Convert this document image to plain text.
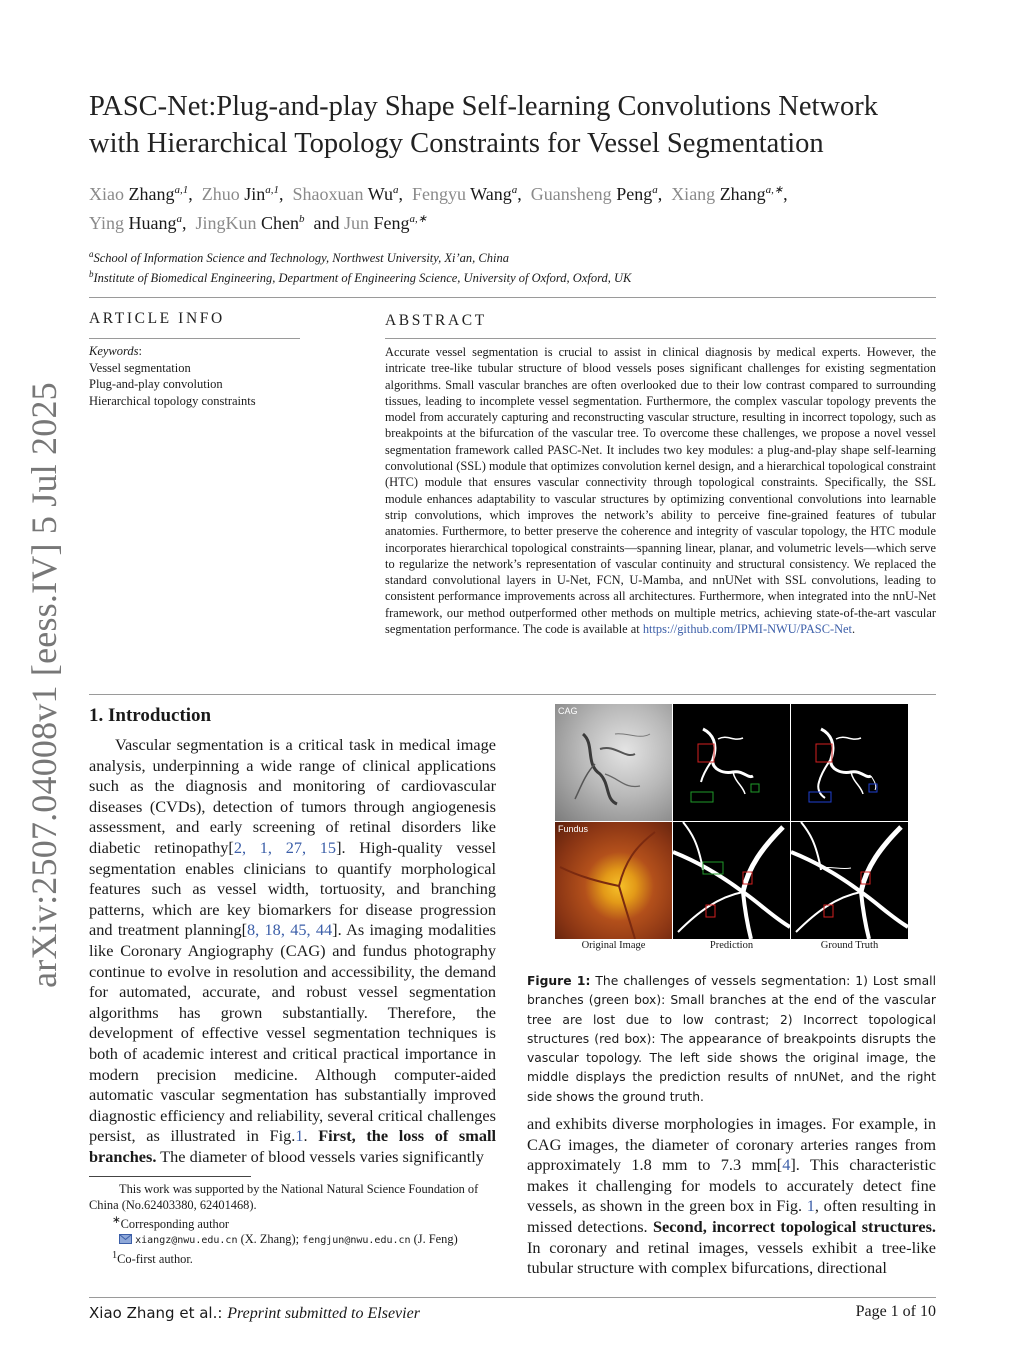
arXiv:2507.04008v1 [eess.IV] 5 Jul 2025
PASC-Net:Plug-and-play Shape Self-learning Convolutions Network
with Hierarchical Topology Constraints for Vessel Segmentation
Xiao Zhang$^{a,1}$,  Zhuo Jin$^{a,1}$,  Shaoxuan Wu$^a$,  Fengyu Wang$^a$,  Guansheng Peng$^a$,  Xiang Zhang$^{a,∗}$,
Ying Huang$^a$,  JingKun Chen$^b$ and Jun Feng$^{a,∗}$
$^a$School of Information Science and Technology, Northwest University, Xi’an, China
$^b$Institute of Biomedical Engineering, Department of Engineering Science, University of Oxford, Oxford, UK
ARTICLE INFO
Keywords:
Vessel segmentation
Plug-and-play convolution
Hierarchical topology constraints
ABSTRACT
Accurate vessel segmentation is crucial to assist in clinical diagnosis by medical experts. However, the intricate tree-like tubular structure of blood vessels poses significant challenges for existing segmentation algorithms. Small vascular branches are often overlooked due to their low contrast compared to surrounding tissues, leading to incomplete vessel segmentation. Furthermore, the complex vascular topology prevents the model from accurately capturing and reconstructing vascular structure, resulting in incorrect topology, such as breakpoints at the bifurcation of the vascular tree. To overcome these challenges, we propose a novel vessel segmentation framework called PASC-Net. It includes two key modules: a plug-and-play shape self-learning convolutional (SSL) module that optimizes convolution kernel design, and a hierarchical topological constraint (HTC) module that ensures vascular connectivity through topological constraints. Specifically, the SSL module enhances adaptability to vascular structures by optimizing conventional convolutions into learnable strip convolutions, which improves the network’s ability to perceive fine-grained features of tubular anatomies. Furthermore, to better preserve the coherence and integrity of vascular topology, the HTC module incorporates hierarchical topological constraints—spanning linear, planar, and volumetric levels—which serve to regularize the network’s representation of vascular continuity and structural consistency. We replaced the standard convolutional layers in U-Net, FCN, U-Mamba, and nnUNet with SSL convolutions, leading to consistent performance improvements across all architectures. Furthermore, when integrated into the nnU-Net framework, our method outperformed other methods on multiple metrics, achieving state-of-the-art vascular segmentation performance. The code is available at https://github.com/IPMI-NWU/PASC-Net.
1. Introduction
Vascular segmentation is a critical task in medical image analysis, underpinning a wide range of clinical applications such as the diagnosis and monitoring of cardiovascular diseases (CVDs), detection of tumors through angiogenesis assessment, and early screening of retinal disorders like diabetic retinopathy[2, 1, 27, 15]. High-quality vessel segmentation enables clinicians to quantify morphological features such as vessel width, tortuosity, and branching patterns, which are key biomarkers for disease progression and treatment planning[8, 18, 45, 44]. As imaging modalities like Coronary Angiography (CAG) and fundus photography continue to evolve in resolution and accessibility, the demand for automated, accurate, and robust vessel segmentation algorithms has grown substantially. Therefore, the development of effective vessel segmentation techniques is both of academic interest and critical practical importance in modern precision medicine. Although computer-aided automatic vascular segmentation has substantially improved diagnostic efficiency and reliability, several critical challenges persist, as illustrated in Fig.1. First, the loss of small branches. The diameter of blood vessels varies significantly
and exhibits diverse morphologies in images. For example, in CAG images, the diameter of coronary arteries ranges from approximately 1.8 mm to 7.3 mm[4]. This characteristic makes it challenging for models to accurately detect fine vessels, as shown in the green box in Fig. 1, often resulting in missed detections. Second, incorrect topological structures. In coronary and retinal images, vessels exhibit a tree-like tubular structure with complex bifurcations, directional
This work was supported by the National Natural Science Foundation of China (No.62403380, 62401468).
∗Corresponding author
xiangz@nwu.edu.cn (X. Zhang); fengjun@nwu.edu.cn (J. Feng)
$^1$Co-first author.
CAG
Fundus
Original Image	Prediction	Ground Truth
Figure 1: The challenges of vessels segmentation: 1) Lost small branches (green box): Small branches at the end of the vascular tree are lost due to low contrast; 2) Incorrect topological structures (red box): The appearance of breakpoints disrupts the vascular topology. The left side shows the original image, the middle displays the prediction results of nnUNet, and the right side shows the ground truth.
Xiao Zhang et al.: Preprint submitted to Elsevier	Page 1 of 10
